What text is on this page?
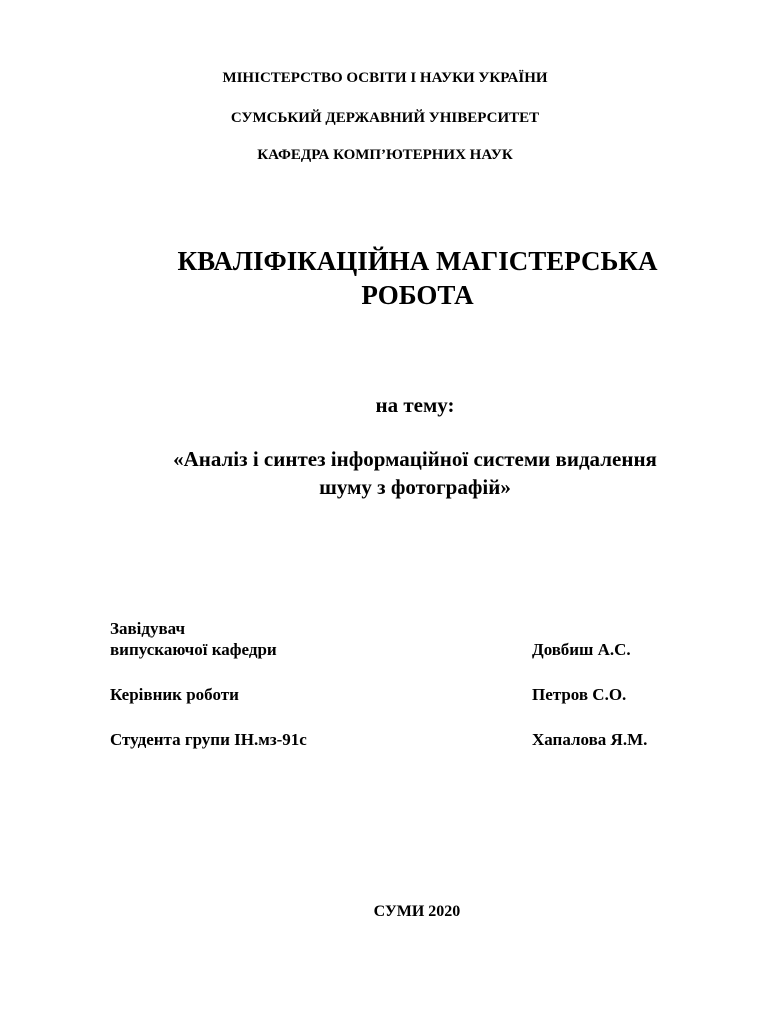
МІНІСТЕРСТВО ОСВІТИ І НАУКИ УКРАЇНИ
СУМСЬКИЙ ДЕРЖАВНИЙ УНІВЕРСИТЕТ
КАФЕДРА КОМП’ЮТЕРНИХ НАУК
КВАЛІФІКАЦІЙНА МАГІСТЕРСЬКА
РОБОТА
на тему:
«Аналіз і синтез інформаційної системи видалення
шуму з фотографій»
Завідувач
випускаючої кафедри	Довбиш А.С.
Керівник роботи	Петров С.О.
Студента групи ІН.мз-91с	Хапалова Я.М.
СУМИ 2020
